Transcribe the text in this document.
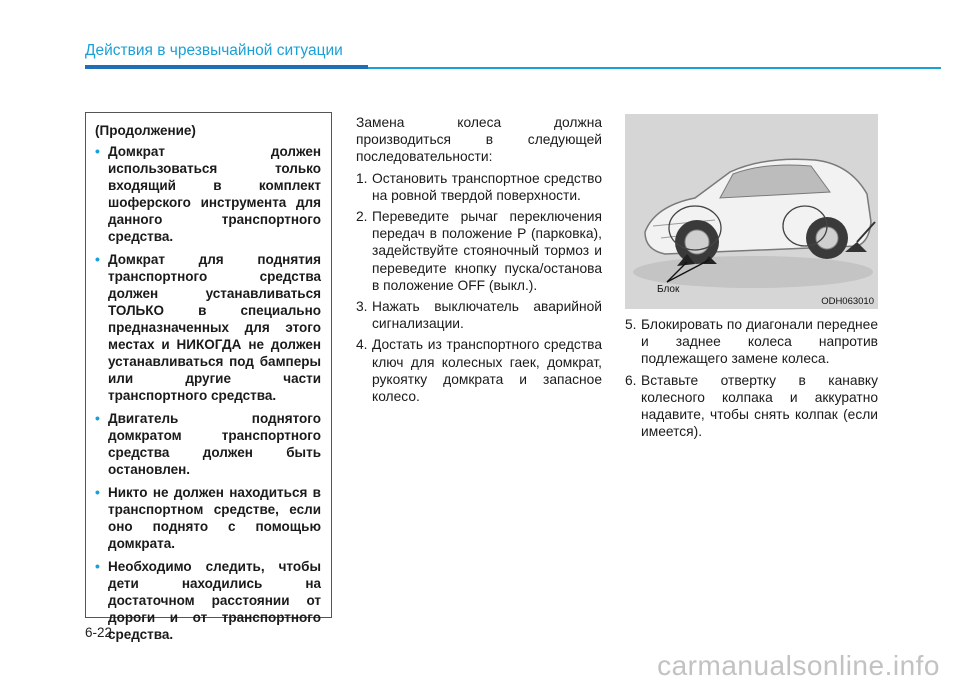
Действия в чрезвычайной ситуации
(Продолжение)
• Домкрат должен использоваться только входящий в комплект шоферского инструмента для данного транспортного средства.
• Домкрат для поднятия транспортного средства должен устанавливаться ТОЛЬКО в специально предназначенных для этого местах и НИКОГДА не должен устанавливаться под бамперы или другие части транспортного средства.
• Двигатель поднятого домкратом транспортного средства должен быть остановлен.
• Никто не должен находиться в транспортном средстве, если оно поднято с помощью домкрата.
• Необходимо следить, чтобы дети находились на достаточном расстоянии от дороги и от транспортного средства.

Замена колеса должна производиться в следующей последовательности:

1. Остановить транспортное средство на ровной твердой поверхности.
2. Переведите рычаг переключения передач в положение P (парковка), задействуйте стояночный тормоз и переведите кнопку пуска/останова в положение OFF (выкл.).
3. Нажать выключатель аварийной сигнализации.
4. Достать из транспортного средства ключ для колесных гаек, домкрат, рукоятку домкрата и запасное колесо.
Блок
ODH063010
5. Блокировать по диагонали переднее и заднее колеса напротив подлежащего замене колеса.
6. Вставьте отвертку в канавку колесного колпака и аккуратно надавите, чтобы снять колпак (если имеется).
6-22
carmanualsonline.info
